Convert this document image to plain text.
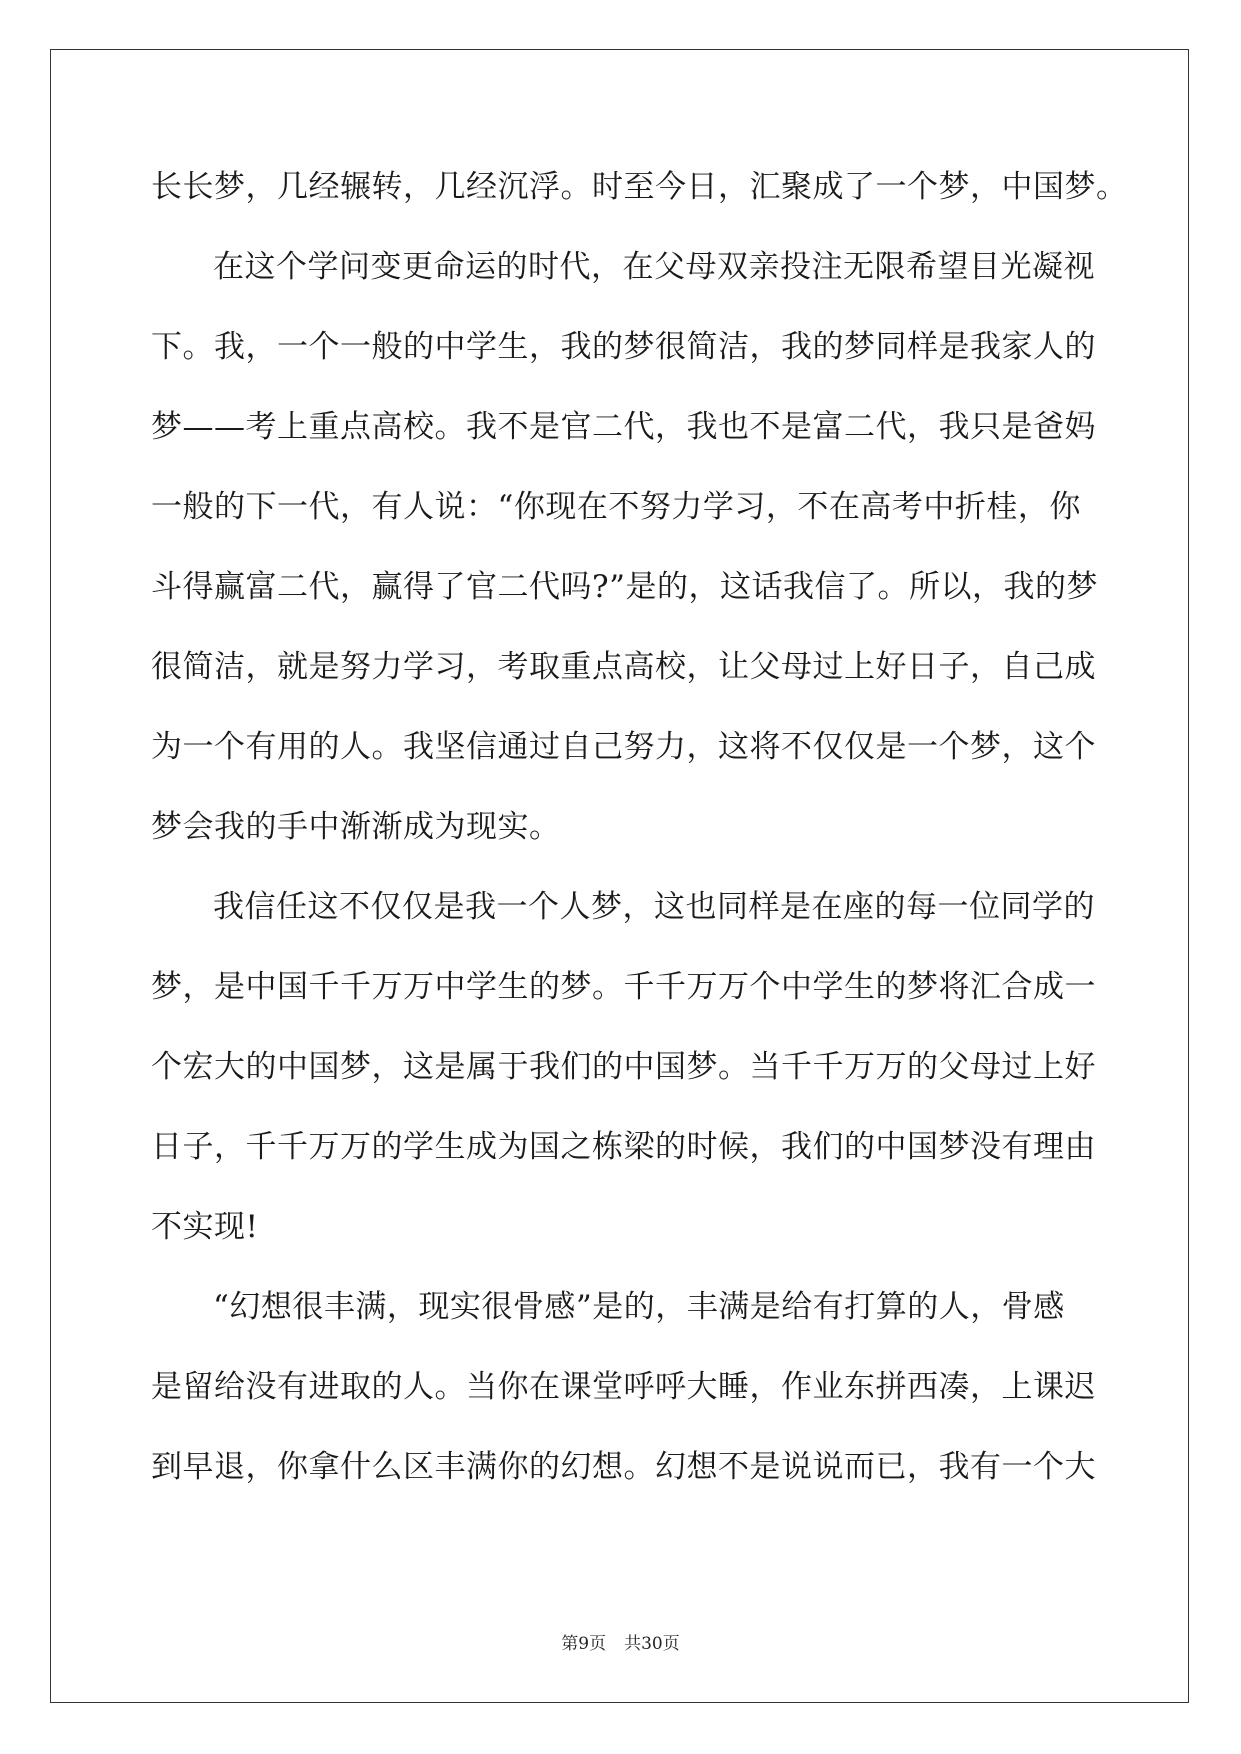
长长梦，几经辗转，几经沉浮。时至今日，汇聚成了一个梦，中国梦。
在这个学问变更命运的时代，在父母双亲投注无限希望目光凝视
下。我，一个一般的中学生，我的梦很简洁，我的梦同样是我家人的
梦——考上重点高校。我不是官二代，我也不是富二代，我只是爸妈
一般的下一代，有人说：“你现在不努力学习，不在高考中折桂，你
斗得赢富二代，赢得了官二代吗?”是的，这话我信了。所以，我的梦
很简洁，就是努力学习，考取重点高校，让父母过上好日子，自己成
为一个有用的人。我坚信通过自己努力，这将不仅仅是一个梦，这个
梦会我的手中渐渐成为现实。
我信任这不仅仅是我一个人梦，这也同样是在座的每一位同学的
梦，是中国千千万万中学生的梦。千千万万个中学生的梦将汇合成一
个宏大的中国梦，这是属于我们的中国梦。当千千万万的父母过上好
日子，千千万万的学生成为国之栋梁的时候，我们的中国梦没有理由
不实现!
“幻想很丰满，现实很骨感”是的，丰满是给有打算的人，骨感
是留给没有进取的人。当你在课堂呼呼大睡，作业东拼西凑，上课迟
到早退，你拿什么区丰满你的幻想。幻想不是说说而已，我有一个大
第9页 共30页
